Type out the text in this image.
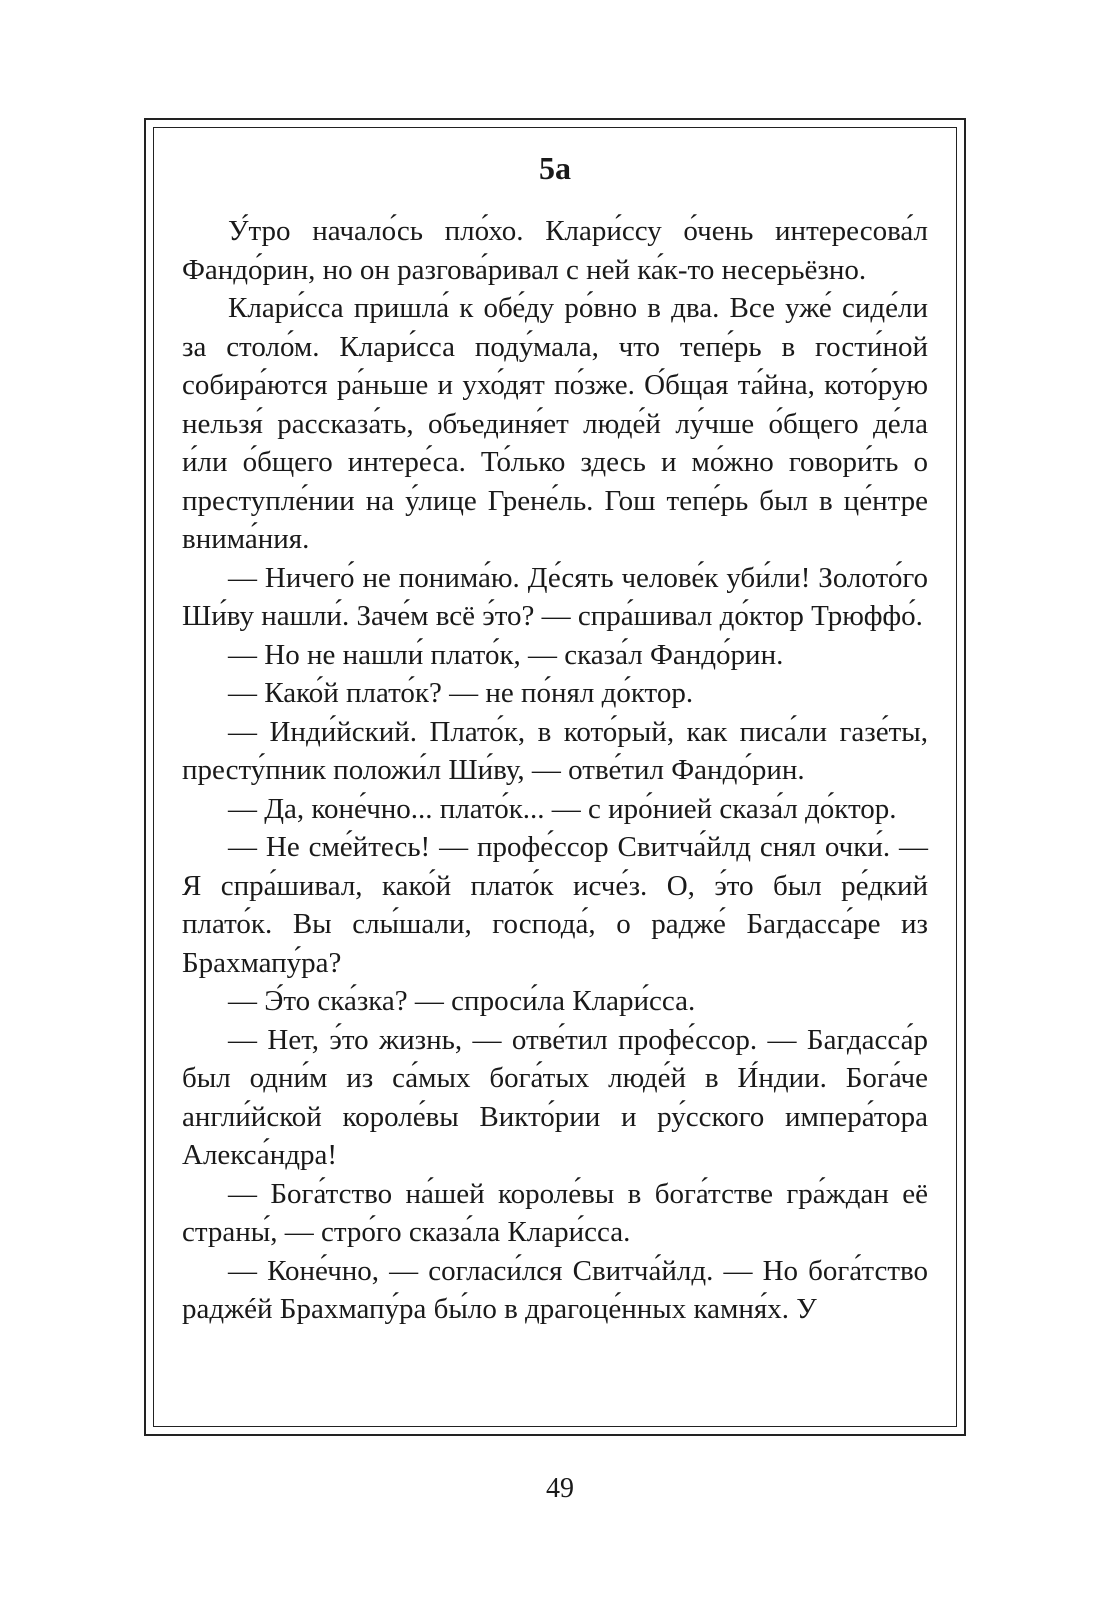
5а

У́тро начало́сь пло́хо. Клари́ссу о́чень интересова́л Фандо́рин, но он разгова́ривал с ней ка́к-то несерьёзно.

Клари́сса пришла́ к обе́ду ро́вно в два. Все уже́ сиде́ли за столо́м. Клари́сса поду́мала, что тепе́рь в гости́ной собира́ются ра́ньше и ухо́дят по́зже. О́бщая та́йна, кото́рую нельзя́ рассказа́ть, объединя́ет люде́й лу́чше о́бщего де́ла и́ли о́бщего интере́са. То́лько здесь и мо́жно говори́ть о преступле́нии на у́лице Грене́ль. Гош тепе́рь был в це́нтре внима́ния.

— Ничего́ не понима́ю. Де́сять челове́к уби́ли! Золото́го Ши́ву нашли́. Заче́м всё э́то? — спра́шивал до́ктор Трюффо́.

— Но не нашли́ плато́к, — сказа́л Фандо́рин.

— Како́й плато́к? — не по́нял до́ктор.

— Инди́йский. Плато́к, в кото́рый, как писа́ли газе́ты, престу́пник положи́л Ши́ву, — отве́тил Фандо́рин.

— Да, коне́чно... плато́к... — с иро́нией сказа́л до́ктор.

— Не сме́йтесь! — профе́ссор Свитча́йлд снял очки́. — Я спра́шивал, како́й плато́к исче́з. О, э́то был ре́дкий плато́к. Вы слы́шали, господа́, о радже́ Багдасса́ре из Брахмапу́ра?

— Э́то ска́зка? — спроси́ла Клари́сса.

— Нет, э́то жизнь, — отве́тил профе́ссор. — Багдасса́р был одни́м из са́мых бога́тых люде́й в И́ндии. Бога́че англи́йской короле́вы Викто́рии и ру́сского импера́тора Алекса́ндра!

— Бога́тство на́шей короле́вы в бога́тстве гра́ждан её страны́, — стро́го сказа́ла Клари́сса.

— Коне́чно, — согласи́лся Свитча́йлд. — Но бога́тство раджéй Брахмапу́ра бы́ло в драгоце́нных камня́х. У

49
